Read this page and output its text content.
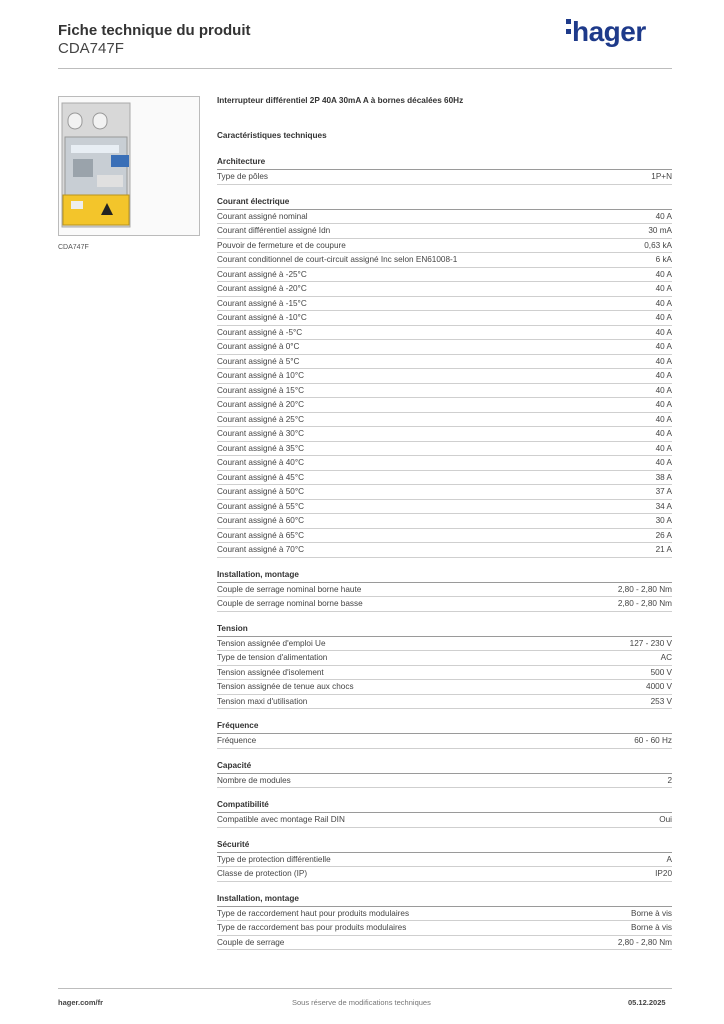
Fiche technique du produit
CDA747F
hager
CDA747F
Interrupteur différentiel 2P 40A 30mA A à bornes décalées 60Hz
Caractéristiques techniques
Architecture
Type de pôles	1P+N
Courant électrique
Courant assigné nominal	40 A
Courant différentiel assigné Idn	30 mA
Pouvoir de fermeture et de coupure	0,63 kA
Courant conditionnel de court-circuit assigné Inc selon EN61008-1	6 kA
Courant assigné à -25°C	40 A
Courant assigné à -20°C	40 A
Courant assigné à -15°C	40 A
Courant assigné à -10°C	40 A
Courant assigné à -5°C	40 A
Courant assigné à 0°C	40 A
Courant assigné à 5°C	40 A
Courant assigné à 10°C	40 A
Courant assigné à 15°C	40 A
Courant assigné à 20°C	40 A
Courant assigné à 25°C	40 A
Courant assigné à 30°C	40 A
Courant assigné à 35°C	40 A
Courant assigné à 40°C	40 A
Courant assigné à 45°C	38 A
Courant assigné à 50°C	37 A
Courant assigné à 55°C	34 A
Courant assigné à 60°C	30 A
Courant assigné à 65°C	26 A
Courant assigné à 70°C	21 A
Installation, montage
Couple de serrage nominal borne haute	2,80 - 2,80 Nm
Couple de serrage nominal borne basse	2,80 - 2,80 Nm
Tension
Tension assignée d'emploi Ue	127 - 230 V
Type de tension d'alimentation	AC
Tension assignée d'isolement	500 V
Tension assignée de tenue aux chocs	4000 V
Tension maxi d'utilisation	253 V
Fréquence
Fréquence	60 - 60 Hz
Capacité
Nombre de modules	2
Compatibilité
Compatible avec montage Rail DIN	Oui
Sécurité
Type de protection différentielle	A
Classe de protection (IP)	IP20
Installation, montage
Type de raccordement haut pour produits modulaires	Borne à vis
Type de raccordement bas pour produits modulaires	Borne à vis
Couple de serrage	2,80 - 2,80 Nm
hager.com/fr	Sous réserve de modifications techniques	05.12.2025
